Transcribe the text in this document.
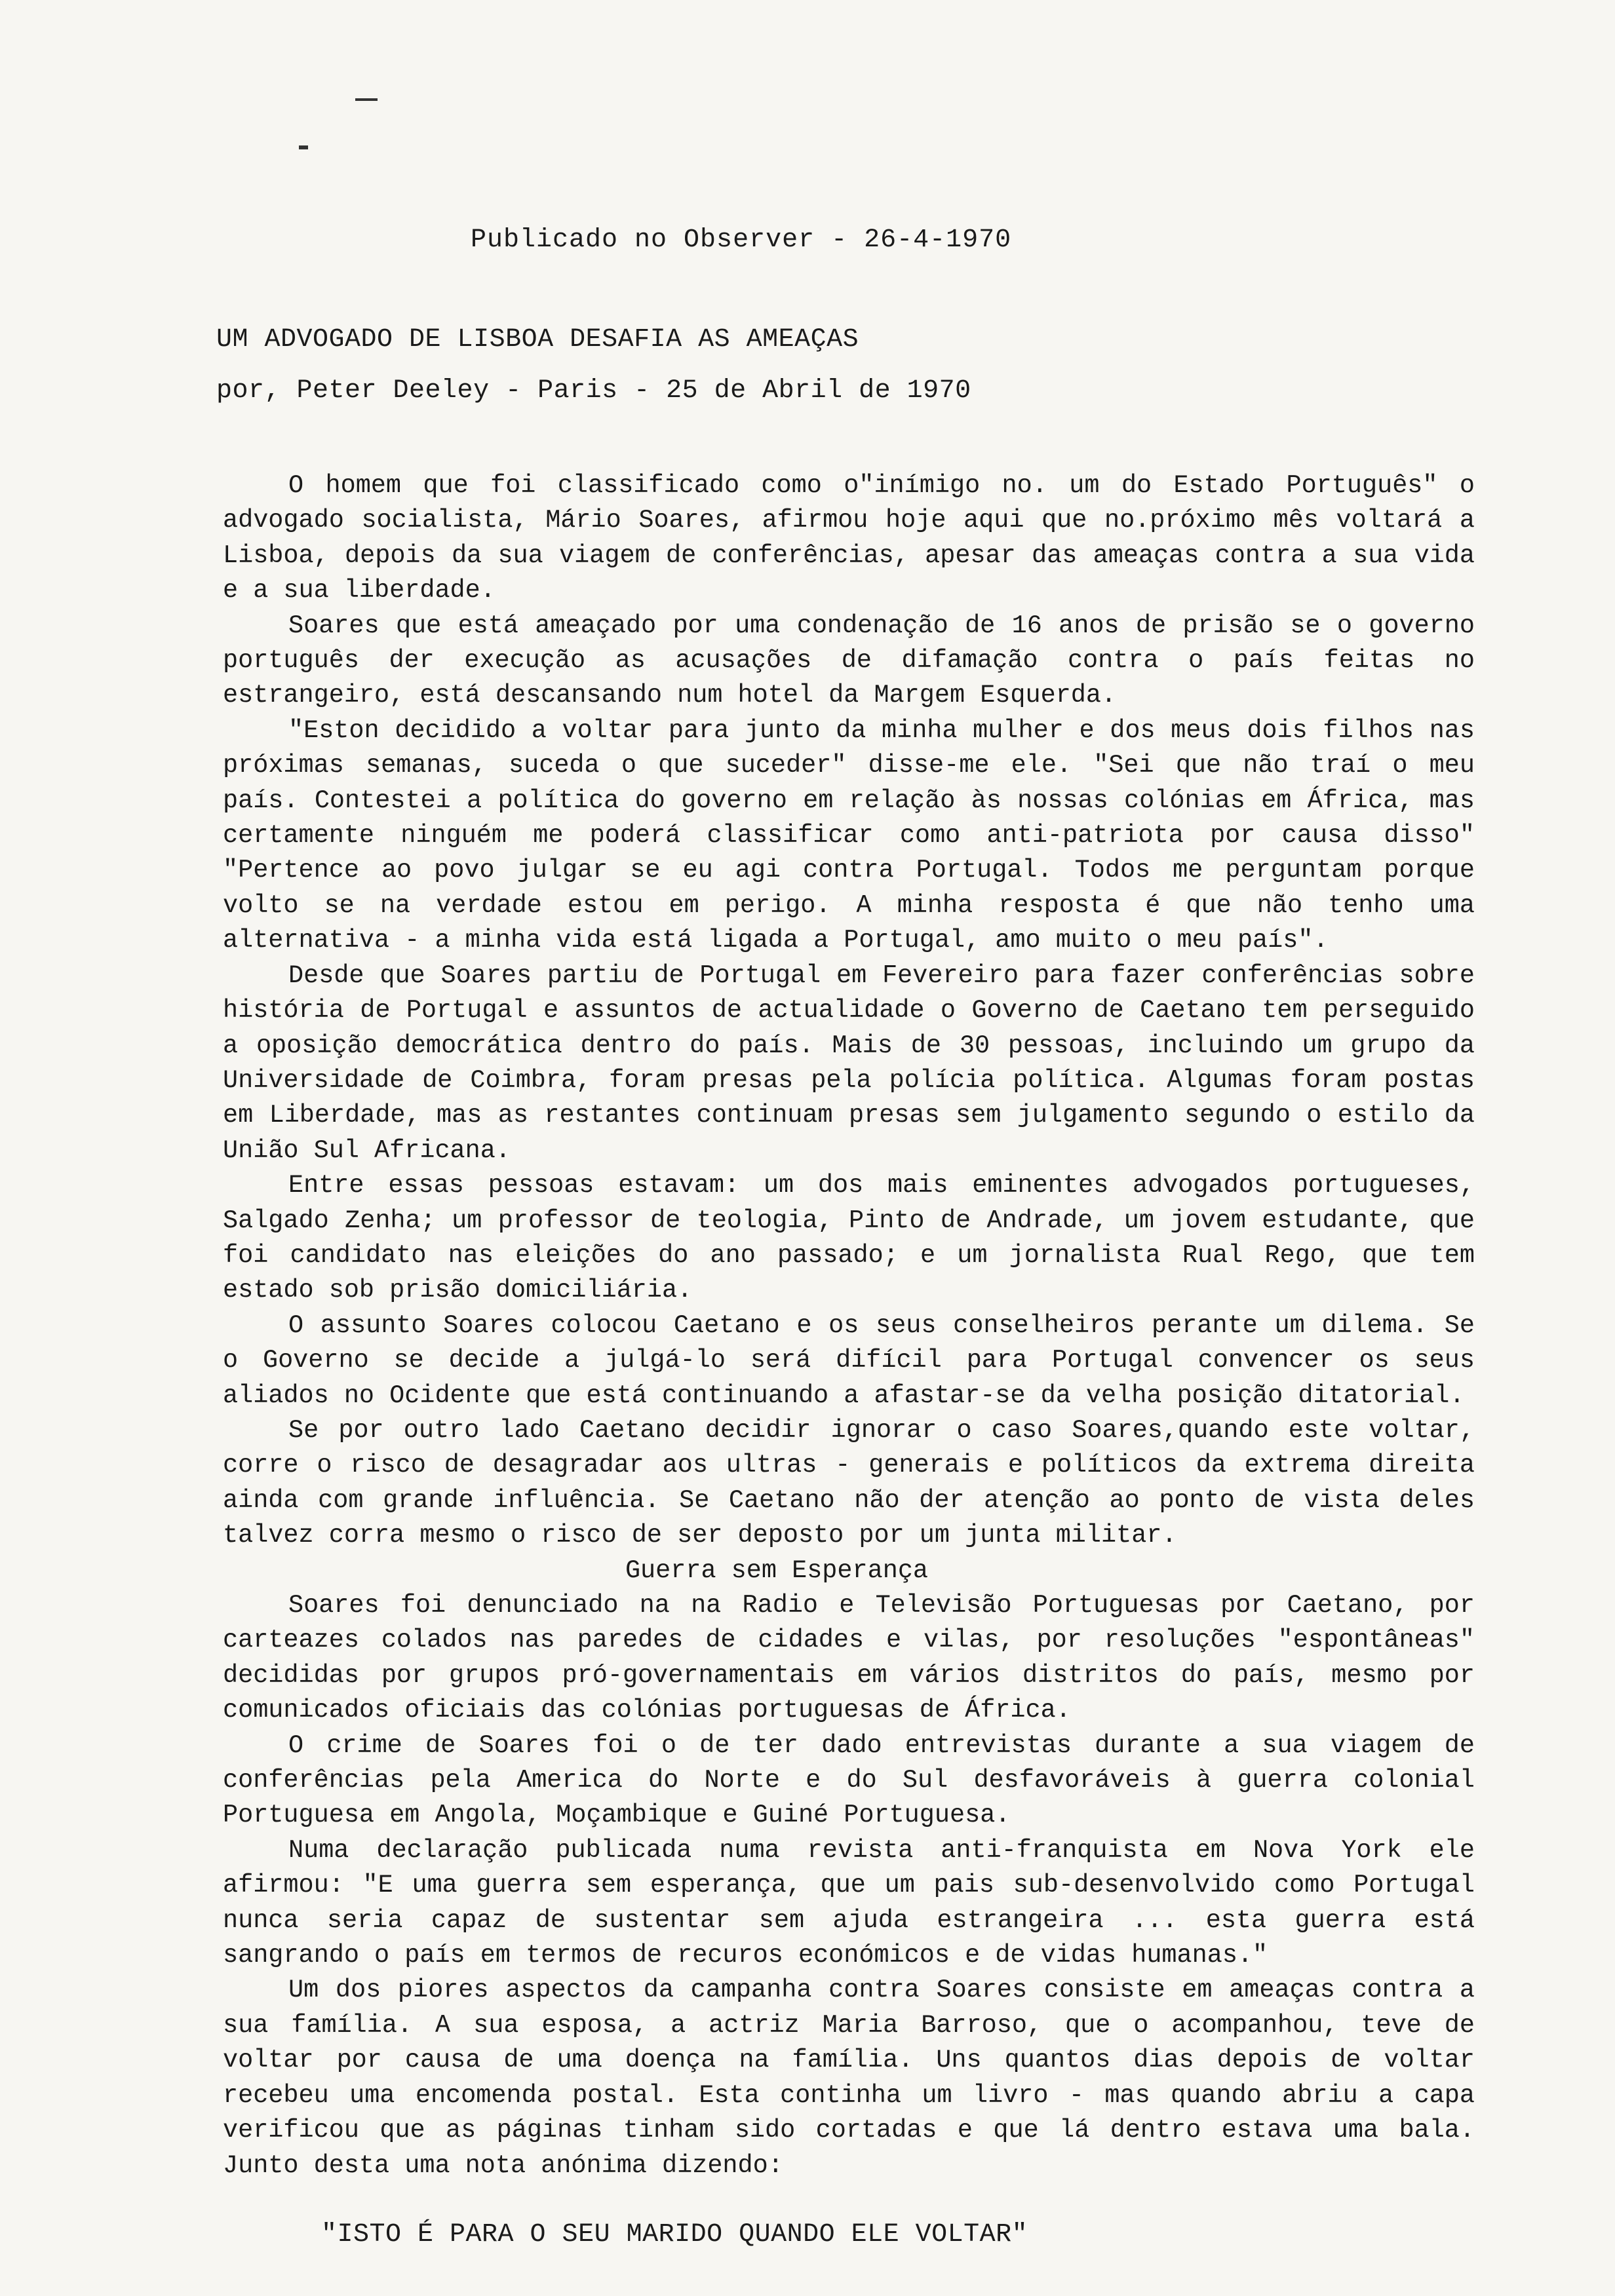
Publicado no Observer - 26-4-1970
UM ADVOGADO DE LISBOA DESAFIA AS AMEAÇAS
por, Peter Deeley - Paris - 25 de Abril de 1970

O homem que foi classificado como o"inímigo no. um do Estado Português" o advogado socialista, Mário Soares, afirmou hoje aqui que no.próximo mês voltará a Lisboa, depois da sua viagem de conferências, apesar das ameaças contra a sua vida e a sua liberdade.

Soares que está ameaçado por uma condenação de 16 anos de prisão se o governo português der execução as acusações de difamação contra o país feitas no estrangeiro, está descansando num hotel da Margem Esquerda.

"Eston decidido a voltar para junto da minha mulher e dos meus dois filhos nas próximas semanas, suceda o que suceder" disse-me ele. "Sei que não traí o meu país. Contestei a política do governo em relação às nossas colónias em África, mas certamente ninguém me poderá classificar como anti-patriota por causa disso" "Pertence ao povo julgar se eu agi contra Portugal. Todos me perguntam porque volto se na verdade estou em perigo. A minha resposta é que não tenho uma alternativa - a minha vida está ligada a Portugal, amo muito o meu país".

Desde que Soares partiu de Portugal em Fevereiro para fazer conferências sobre história de Portugal e assuntos de actualidade o Governo de Caetano tem perseguido a oposição democrática dentro do país. Mais de 30 pessoas, incluindo um grupo da Universidade de Coimbra, foram presas pela polícia política. Algumas foram postas em Liberdade, mas as restantes continuam presas sem julgamento segundo o estilo da União Sul Africana.

Entre essas pessoas estavam: um dos mais eminentes advogados portugueses, Salgado Zenha; um professor de teologia, Pinto de Andrade, um jovem estudante, que foi candidato nas eleições do ano passado; e um jornalista Rual Rego, que tem estado sob prisão domiciliária.

O assunto Soares colocou Caetano e os seus conselheiros perante um dilema. Se o Governo se decide a julgá-lo será difícil para Portugal convencer os seus aliados no Ocidente que está continuando a afastar-se da velha posição ditatorial.

Se por outro lado Caetano decidir ignorar o caso Soares,quando este voltar, corre o risco de desagradar aos ultras - generais e políticos da extrema direita ainda com grande influência. Se Caetano não der atenção ao ponto de vista deles talvez corra mesmo o risco de ser deposto por um junta militar.

Guerra sem Esperança

Soares foi denunciado na na Radio e Televisão Portuguesas por Caetano, por carteazes colados nas paredes de cidades e vilas, por resoluções "espontâneas" decididas por grupos pró-governamentais em vários distritos do país, mesmo por comunicados oficiais das colónias portuguesas de África.

O crime de Soares foi o de ter dado entrevistas durante a sua viagem de conferências pela America do Norte e do Sul desfavoráveis à guerra colonial Portuguesa em Angola, Moçambique e Guiné Portuguesa.

Numa declaração publicada numa revista anti-franquista em Nova York ele afirmou: "E uma guerra sem esperança, que um pais sub-desenvolvido como Portugal nunca seria capaz de sustentar sem ajuda estrangeira ... esta guerra está sangrando o país em termos de recuros económicos e de vidas humanas."

Um dos piores aspectos da campanha contra Soares consiste em ameaças contra a sua família. A sua esposa, a actriz Maria Barroso, que o acompanhou, teve de voltar por causa de uma doença na família. Uns quantos dias depois de voltar recebeu uma encomenda postal. Esta continha um livro - mas quando abriu a capa verificou que as páginas tinham sido cortadas e que lá dentro estava uma bala. Junto desta uma nota anónima dizendo:

"ISTO É PARA O SEU MARIDO QUANDO ELE VOLTAR"
